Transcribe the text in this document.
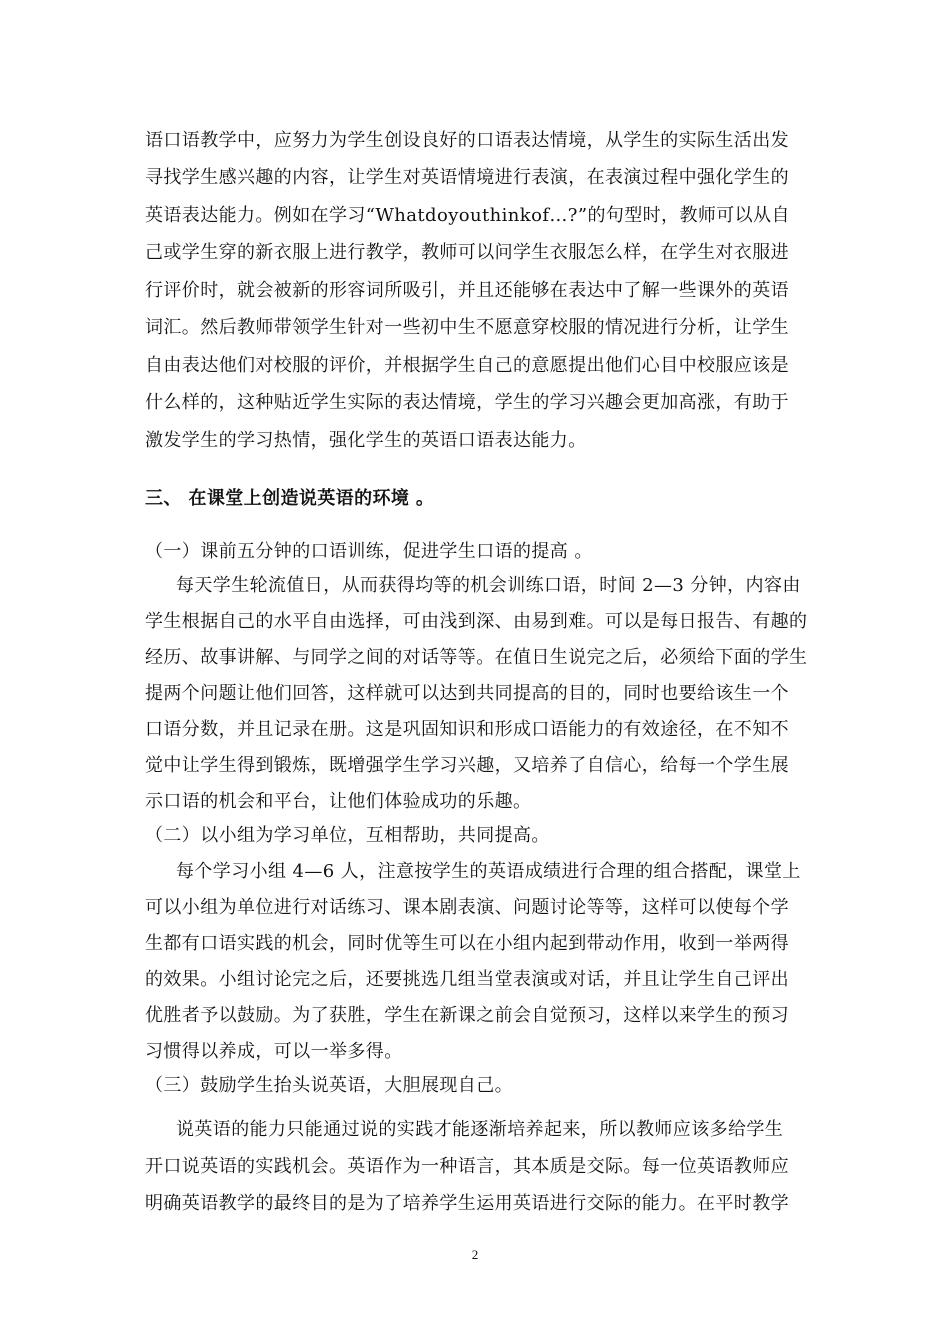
语口语教学中，应努力为学生创设良好的口语表达情境，从学生的实际生活出发
寻找学生感兴趣的内容，让学生对英语情境进行表演，在表演过程中强化学生的
英语表达能力。例如在学习“Whatdoyouthinkof…?”的句型时，教师可以从自
己或学生穿的新衣服上进行教学，教师可以问学生衣服怎么样，在学生对衣服进
行评价时，就会被新的形容词所吸引，并且还能够在表达中了解一些课外的英语
词汇。然后教师带领学生针对一些初中生不愿意穿校服的情况进行分析，让学生
自由表达他们对校服的评价，并根据学生自己的意愿提出他们心目中校服应该是
什么样的，这种贴近学生实际的表达情境，学生的学习兴趣会更加高涨，有助于
激发学生的学习热情，强化学生的英语口语表达能力。
三、 在课堂上创造说英语的环境 。
（一）课前五分钟的口语训练，促进学生口语的提高 。
每天学生轮流值日，从而获得均等的机会训练口语，时间 2—3 分钟，内容由
学生根据自己的水平自由选择，可由浅到深、由易到难。可以是每日报告、有趣的
经历、故事讲解、与同学之间的对话等等。在值日生说完之后，必须给下面的学生
提两个问题让他们回答，这样就可以达到共同提高的目的，同时也要给该生一个
口语分数，并且记录在册。这是巩固知识和形成口语能力的有效途径，在不知不
觉中让学生得到锻炼，既增强学生学习兴趣，又培养了自信心，给每一个学生展
示口语的机会和平台，让他们体验成功的乐趣。
（二）以小组为学习单位，互相帮助，共同提高。
每个学习小组 4—6 人，注意按学生的英语成绩进行合理的组合搭配，课堂上
可以小组为单位进行对话练习、课本剧表演、问题讨论等等，这样可以使每个学
生都有口语实践的机会，同时优等生可以在小组内起到带动作用，收到一举两得
的效果。小组讨论完之后，还要挑选几组当堂表演或对话，并且让学生自己评出
优胜者予以鼓励。为了获胜，学生在新课之前会自觉预习，这样以来学生的预习
习惯得以养成，可以一举多得。
（三）鼓励学生抬头说英语，大胆展现自己。
说英语的能力只能通过说的实践才能逐渐培养起来，所以教师应该多给学生
开口说英语的实践机会。英语作为一种语言，其本质是交际。每一位英语教师应
明确英语教学的最终目的是为了培养学生运用英语进行交际的能力。在平时教学
2
